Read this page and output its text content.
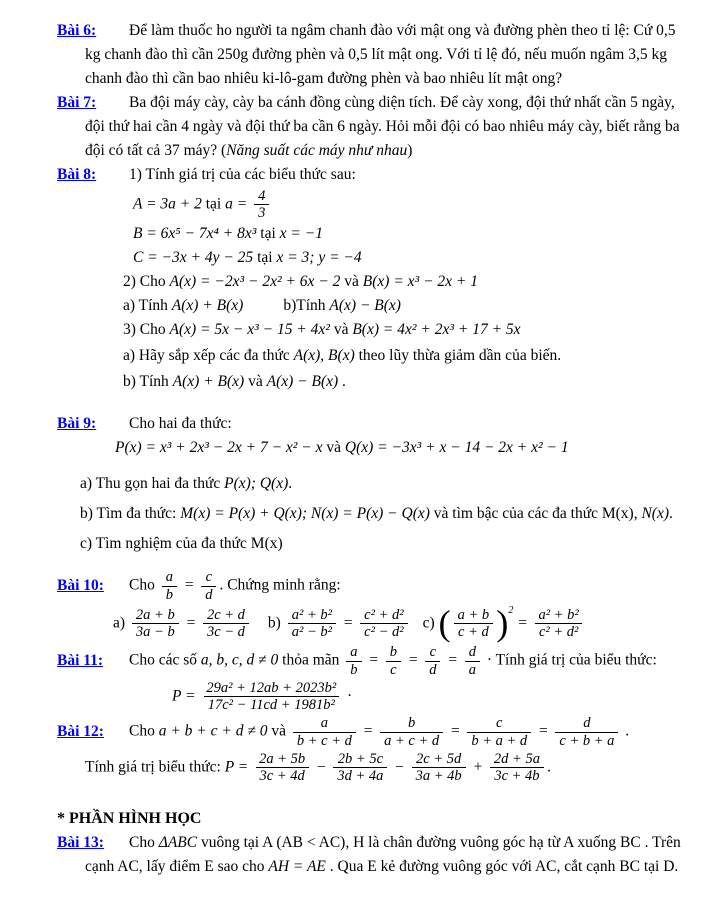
Bài 6: Để làm thuốc ho người ta ngâm chanh đào với mật ong và đường phèn theo tỉ lệ: Cứ 0,5
kg chanh đào thì cần 250g đường phèn và 0,5 lít mật ong. Với tỉ lệ đó, nếu muốn ngâm 3,5 kg
chanh đào thì cần bao nhiêu ki-lô-gam đường phèn và bao nhiêu lít mật ong?
Bài 7: Ba đội máy cày, cày ba cánh đồng cùng diện tích. Để cày xong, đội thứ nhất cần 5 ngày,
đội thứ hai cần 4 ngày và đội thứ ba cần 6 ngày. Hỏi mỗi đội có bao nhiêu máy cày, biết rằng ba
đội có tất cả 37 máy? (Năng suất các máy như nhau)
Bài 8: 1) Tính giá trị của các biểu thức sau:
A = 3a + 2 tại $a = \frac{4}{3}$
B = 6x⁵ − 7x⁴ + 8x³ tại x = −1
C = −3x + 4y − 25 tại x = 3; y = −4
2) Cho A(x) = −2x³ − 2x² + 6x − 2 và B(x) = x³ − 2x + 1
a) Tính A(x) + B(x)	b)Tính A(x) − B(x)
3) Cho A(x) = 5x − x³ − 15 + 4x² và B(x) = 4x² + 2x³ + 17 + 5x
a) Hãy sắp xếp các đa thức A(x), B(x) theo lũy thừa giảm dần của biến.
b) Tính A(x) + B(x) và A(x) − B(x) .
Bài 9: Cho hai đa thức:
P(x) = x³ + 2x³ − 2x + 7 − x² − x và Q(x) = −3x³ + x − 14 − 2x + x² − 1
a) Thu gọn hai đa thức P(x); Q(x).
b) Tìm đa thức: M(x) = P(x) + Q(x); N(x) = P(x) − Q(x) và tìm bậc của các đa thức M(x), N(x).
c) Tìm nghiệm của đa thức M(x)
Bài 10: Cho $\frac{a}{b} = \frac{c}{d}$ . Chứng minh rằng:
$a) \frac{2a + b}{3a - b} = \frac{2c + d}{3c - d} b) \frac{\text{a² + b²}}{\text{a² − b²}} = \frac{\text{c² + d²}}{\text{c² − d²}} c$) ( $\frac{a + b}{c + d} )^2 = \frac{\text{a² + b²}}{\text{c² + d²}}$
Bài 11: Cho các số a, b, c, d ≠ 0 thỏa mãn $\frac{a}{b} = \frac{b}{c} = \frac{c}{d} = \frac{d}{a}$ · Tính giá trị của biểu thức:
$P = \frac{\text{29a² + 12ab + 2023b²}}{\text{17c² − 11cd + 1981b²}}$ ·
Bài 12: Cho a + b + c + d ≠ 0 và $\frac{a}{b + c + d} = \frac{b}{a + c + d} = \frac{c}{b + a + d} = \frac{d}{c + b + a}$ .
Tính giá trị biểu thức: $P = \frac{2a + 5b}{3c + 4d} - \frac{2b + 5c}{3d + 4a} - \frac{2c + 5d}{3a + 4b} + \frac{2d + 5a}{3c + 4b}$ .
* PHẦN HÌNH HỌC
Bài 13: Cho ΔABC vuông tại A (AB < AC), H là chân đường vuông góc hạ từ A xuống BC . Trên
cạnh AC, lấy điểm E sao cho AH = AE . Qua E kẻ đường vuông góc với AC, cắt cạnh BC tại D.
